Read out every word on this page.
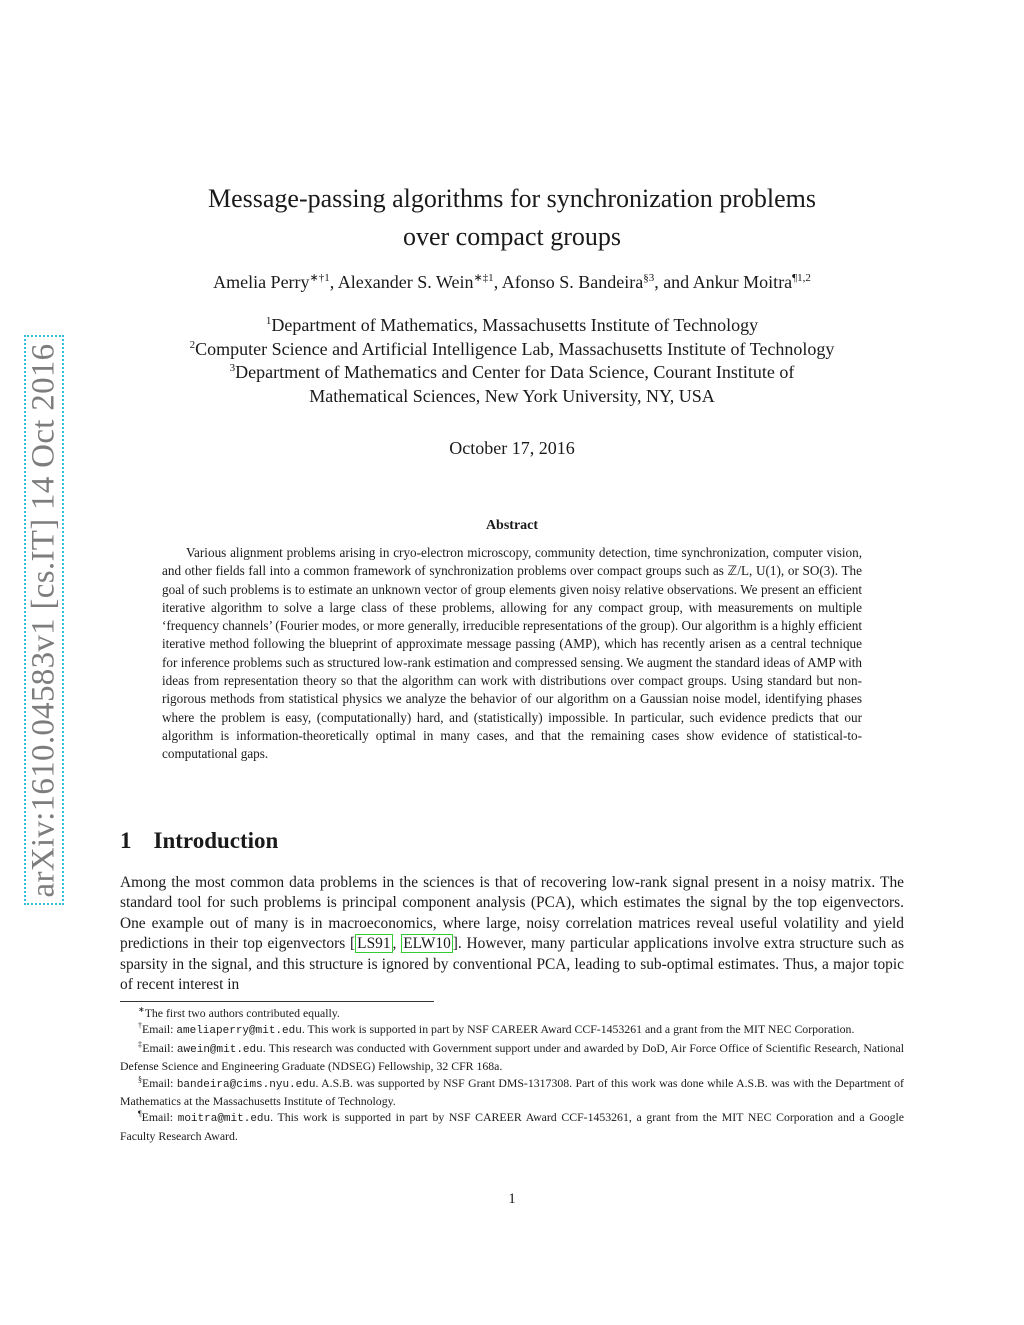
arXiv:1610.04583v1 [cs.IT] 14 Oct 2016
Message-passing algorithms for synchronization problems
over compact groups
Amelia Perry$^{∗\dagger 1}$, Alexander S. Wein$^{∗\ddagger 1}$, Afonso S. Bandeira$^{\S 3}$, and Ankur Moitra$^{\P 1,2}$
$^1$Department of Mathematics, Massachusetts Institute of Technology
$^2$Computer Science and Artificial Intelligence Lab, Massachusetts Institute of Technology
$^3$Department of Mathematics and Center for Data Science, Courant Institute of
Mathematical Sciences, New York University, NY, USA
October 17, 2016
Abstract
Various alignment problems arising in cryo-electron microscopy, community detection, time synchronization, computer vision, and other fields fall into a common framework of synchronization problems over compact groups such as ℤ/L, U(1), or SO(3). The goal of such problems is to estimate an unknown vector of group elements given noisy relative observations. We present an efficient iterative algorithm to solve a large class of these problems, allowing for any compact group, with measurements on multiple ‘frequency channels’ (Fourier modes, or more generally, irreducible representations of the group). Our algorithm is a highly efficient iterative method following the blueprint of approximate message passing (AMP), which has recently arisen as a central technique for inference problems such as structured low-rank estimation and compressed sensing. We augment the standard ideas of AMP with ideas from representation theory so that the algorithm can work with distributions over compact groups. Using standard but non-rigorous methods from statistical physics we analyze the behavior of our algorithm on a Gaussian noise model, identifying phases where the problem is easy, (computationally) hard, and (statistically) impossible. In particular, such evidence predicts that our algorithm is information-theoretically optimal in many cases, and that the remaining cases show evidence of statistical-to-computational gaps.
1 Introduction
Among the most common data problems in the sciences is that of recovering low-rank signal present in a noisy matrix. The standard tool for such problems is principal component analysis (PCA), which estimates the signal by the top eigenvectors. One example out of many is in macroeconomics, where large, noisy correlation matrices reveal useful volatility and yield predictions in their top eigenvectors [ LS91 , ELW10 ]. However, many particular applications involve extra structure such as sparsity in the signal, and this structure is ignored by conventional PCA, leading to sub-optimal estimates. Thus, a major topic of recent interest in

∗The first two authors contributed equally.

†Email: ameliaperry@mit.edu. This work is supported in part by NSF CAREER Award CCF-1453261 and a grant from the MIT NEC Corporation.

‡Email: awein@mit.edu. This research was conducted with Government support under and awarded by DoD, Air Force Office of Scientific Research, National Defense Science and Engineering Graduate (NDSEG) Fellowship, 32 CFR 168a.

§Email: bandeira@cims.nyu.edu. A.S.B. was supported by NSF Grant DMS-1317308. Part of this work was done while A.S.B. was with the Department of Mathematics at the Massachusetts Institute of Technology.

¶Email: moitra@mit.edu. This work is supported in part by NSF CAREER Award CCF-1453261, a grant from the MIT NEC Corporation and a Google Faculty Research Award.

1
